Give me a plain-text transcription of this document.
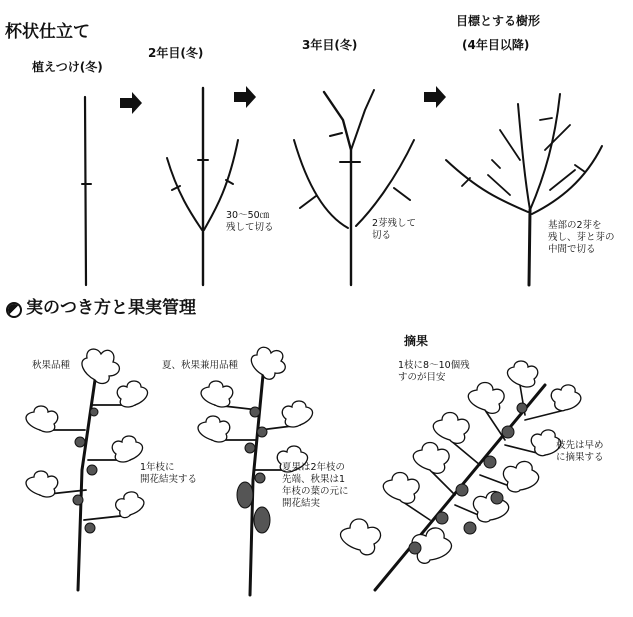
杯状仕立て
植えつけ(冬)
2年目(冬)
3年目(冬)
目標とする樹形
(4年目以降)
30〜50㎝
残して切る	2芽残して
切る
基部の2芽を
残し、芽と芽の
中間で切る
実のつき方と果実管理
秋果品種
1年枝に
開花結実する
夏、秋果兼用品種
夏果は2年枝の
先端、秋果は1
年枝の葉の元に
開花結実
摘果
1枝に8〜10個残
すのが目安
枝先は早め
に摘果する
